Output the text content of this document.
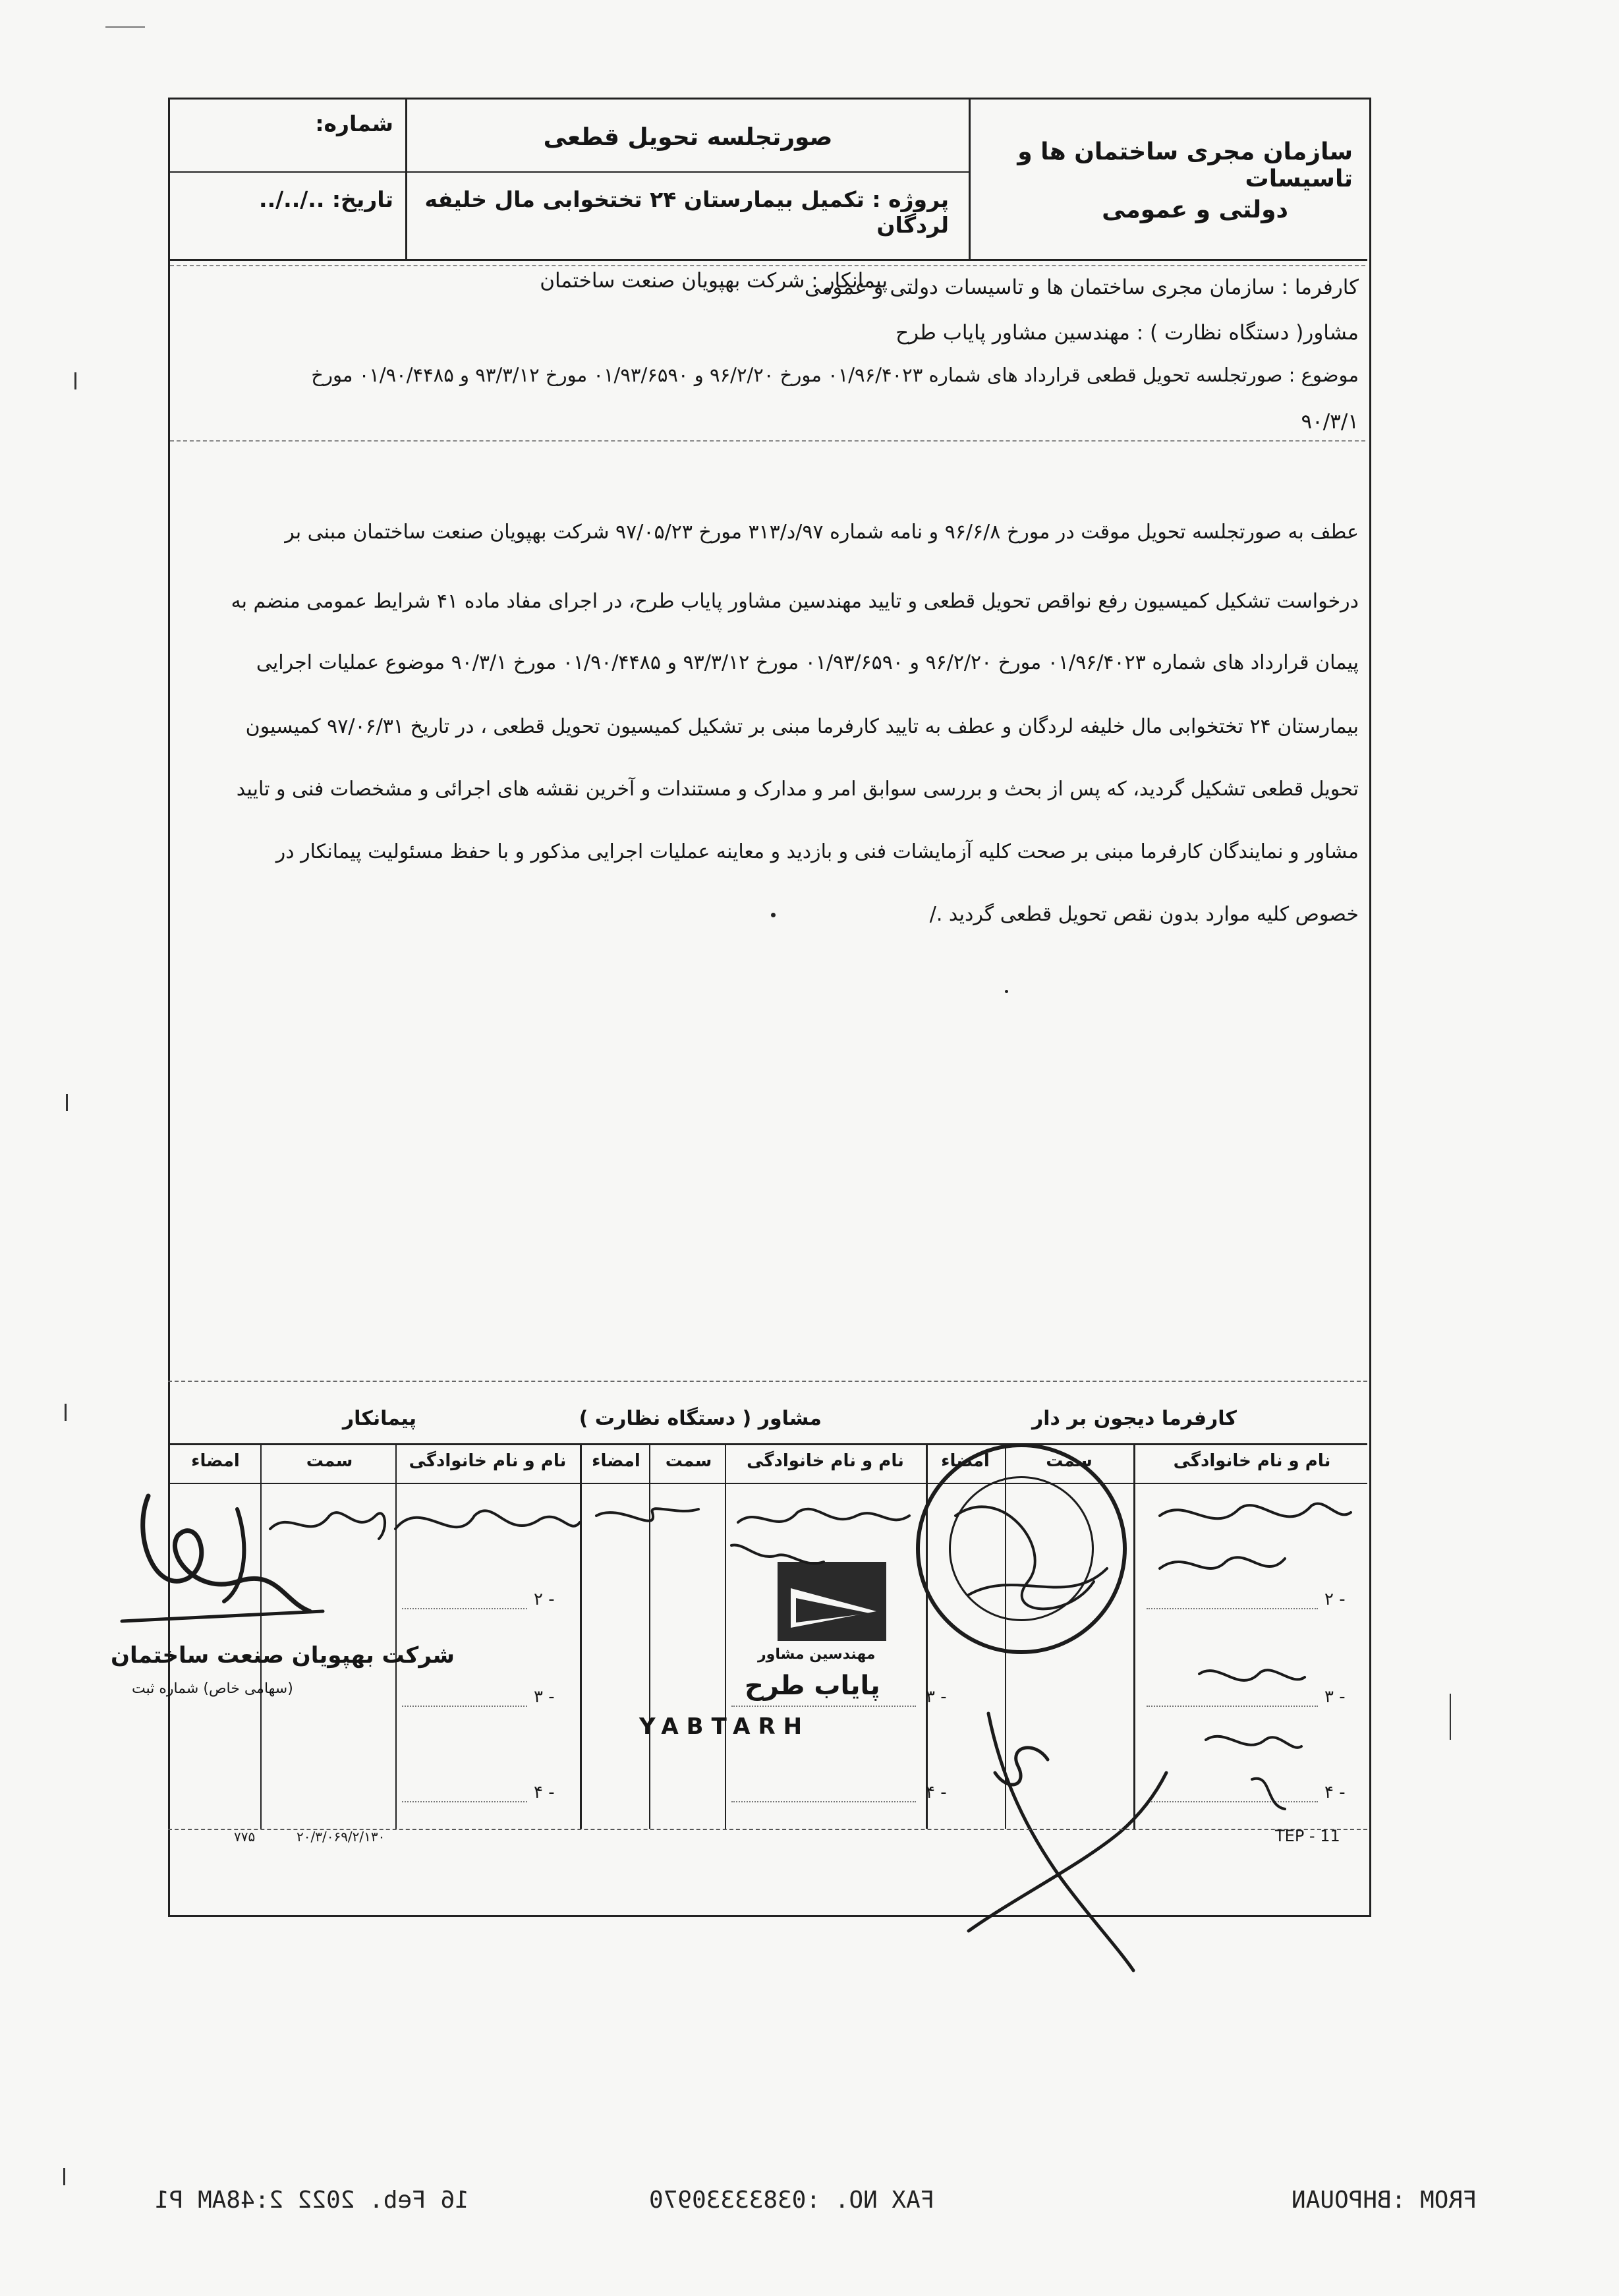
سازمان مجری ساختمان ها و تاسیسات
دولتی و عمومی
صورتجلسه تحویل قطعی
پروژه : تکمیل بیمارستان ۲۴ تختخوابی مال خلیفه لردگان
شماره:
تاریخ: ../../..
کارفرما : سازمان مجری ساختمان ها و تاسیسات دولتی و عمومی
پیمانکار : شرکت بهپویان صنعت ساختمان
مشاور( دستگاه نظارت ) : مهندسین مشاور پایاب طرح
موضوع : صورتجلسه تحویل قطعی قرارداد های شماره ۰۱/۹۶/۴۰۲۳ مورخ ۹۶/۲/۲۰ و ۰۱/۹۳/۶۵۹۰ مورخ ۹۳/۳/۱۲ و ۰۱/۹۰/۴۴۸۵ مورخ
۹۰/۳/۱
عطف به صورتجلسه تحویل موقت در مورخ ۹۶/۶/۸ و نامه شماره ۹۷/د/۳۱۳ مورخ ۹۷/۰۵/۲۳ شرکت بهپویان صنعت ساختمان مبنی بر
درخواست تشکیل کمیسیون رفع نواقص تحویل قطعی و تایید مهندسین مشاور پایاب طرح، در اجرای مفاد ماده ۴۱ شرایط عمومی منضم به
پیمان قرارداد های شماره ۰۱/۹۶/۴۰۲۳ مورخ ۹۶/۲/۲۰ و ۰۱/۹۳/۶۵۹۰ مورخ ۹۳/۳/۱۲ و ۰۱/۹۰/۴۴۸۵ مورخ ۹۰/۳/۱ موضوع عملیات اجرایی
بیمارستان ۲۴ تختخوابی مال خلیفه لردگان و عطف به تایید کارفرما مبنی بر تشکیل کمیسیون تحویل قطعی ، در تاریخ ۹۷/۰۶/۳۱ کمیسیون
تحویل قطعی تشکیل گردید، که پس از بحث و بررسی سوابق امر و مدارک و مستندات و آخرین نقشه های اجرائی و مشخصات فنی و تایید
مشاور و نمایندگان کارفرما مبنی بر صحت کلیه آزمایشات فنی و بازدید و معاینه عملیات اجرایی مذکور و با حفظ مسئولیت پیمانکار در
خصوص کلیه موارد بدون نقص تحویل قطعی گردید ./
کارفرما دیجون بر دار
مشاور ( دستگاه نظارت )
پیمانکار
نام و نام خانوادگی
سمت
امضاء
نام و نام خانوادگی
سمت
امضاء
نام و نام خانوادگی
سمت
امضاء
۲ -
۳ -
۴ -
۳ -
۴ -
۲ -
۳ -
۴ -
مهندسین مشاور
پایاب طرح
YABTARH
شرکت بهپویان صنعت ساختمان
(سهامی خاص) شماره ثبت
TEP - 11
۲۰/۳/۰۶۹/۲/۱۳۰
۷۷۵
16 Feb. 2022 2:48AM P1	FAX NO. :03833330970	FROM :BHPOUAN
